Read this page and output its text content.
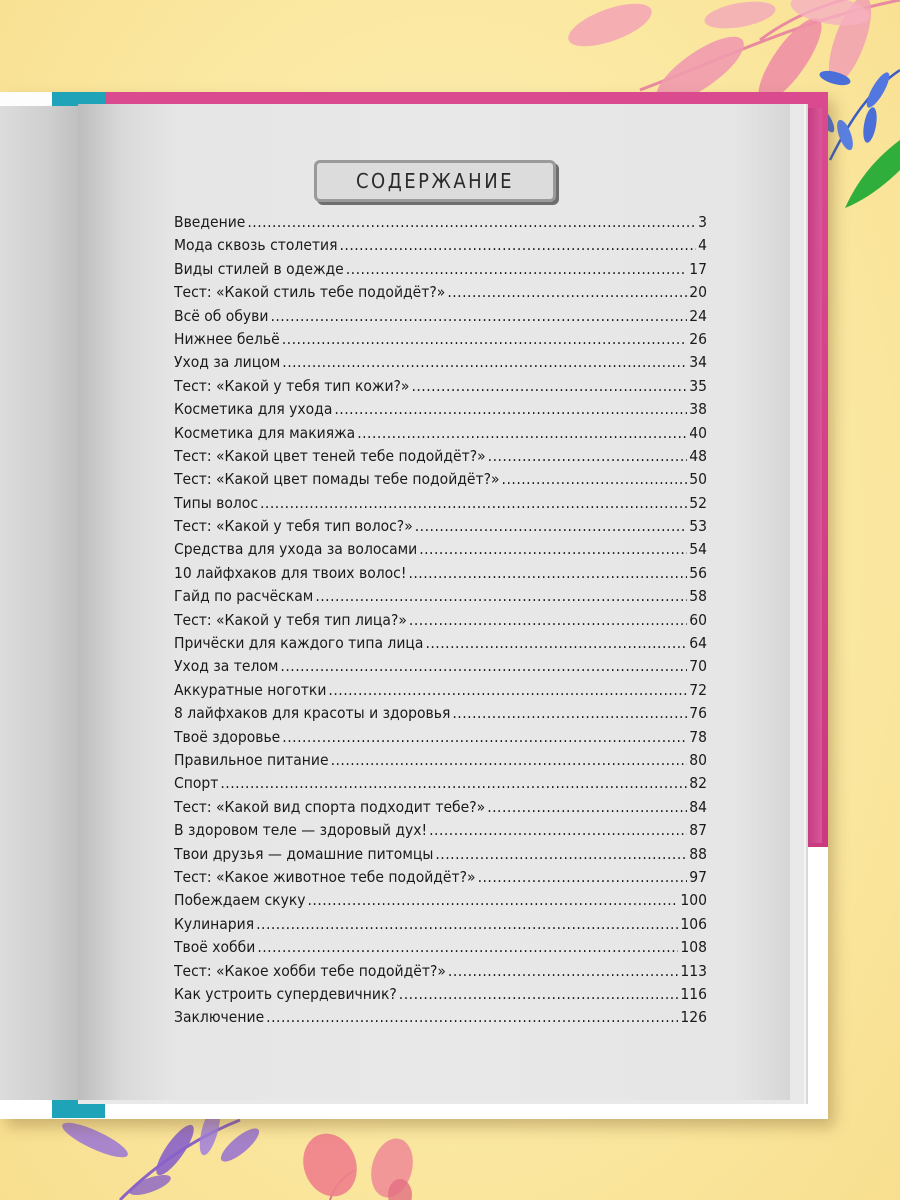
СОДЕРЖАНИЕ
Введение .....	3
Мода сквозь столетия .....	4
Виды стилей в одежде .....	17
Тест: «Какой стиль тебе подойдёт?» .....	20
Всё об обуви .....	24
Нижнее бельё .....	26
Уход за лицом .....	34
Тест: «Какой у тебя тип кожи?» .....	35
Косметика для ухода .....	38
Косметика для макияжа .....	40
Тест: «Какой цвет теней тебе подойдёт?» .....	48
Тест: «Какой цвет помады тебе подойдёт?» .....	50
Типы волос .....	52
Тест: «Какой у тебя тип волос?» .....	53
Средства для ухода за волосами .....	54
10 лайфхаков для твоих волос! .....	56
Гайд по расчёскам .....	58
Тест: «Какой у тебя тип лица?» .....	60
Причёски для каждого типа лица .....	64
Уход за телом .....	70
Аккуратные ноготки .....	72
8 лайфхаков для красоты и здоровья .....	76
Твоё здоровье .....	78
Правильное питание .....	80
Спорт .....	82
Тест: «Какой вид спорта подходит тебе?» .....	84
В здоровом теле — здоровый дух! .....	87
Твои друзья — домашние питомцы .....	88
Тест: «Какое животное тебе подойдёт?» .....	97
Побеждаем скуку .....	100
Кулинария .....	106
Твоё хобби .....	108
Тест: «Какое хобби тебе подойдёт?» .....	113
Как устроить супердевичник? .....	116
Заключение .....	126
